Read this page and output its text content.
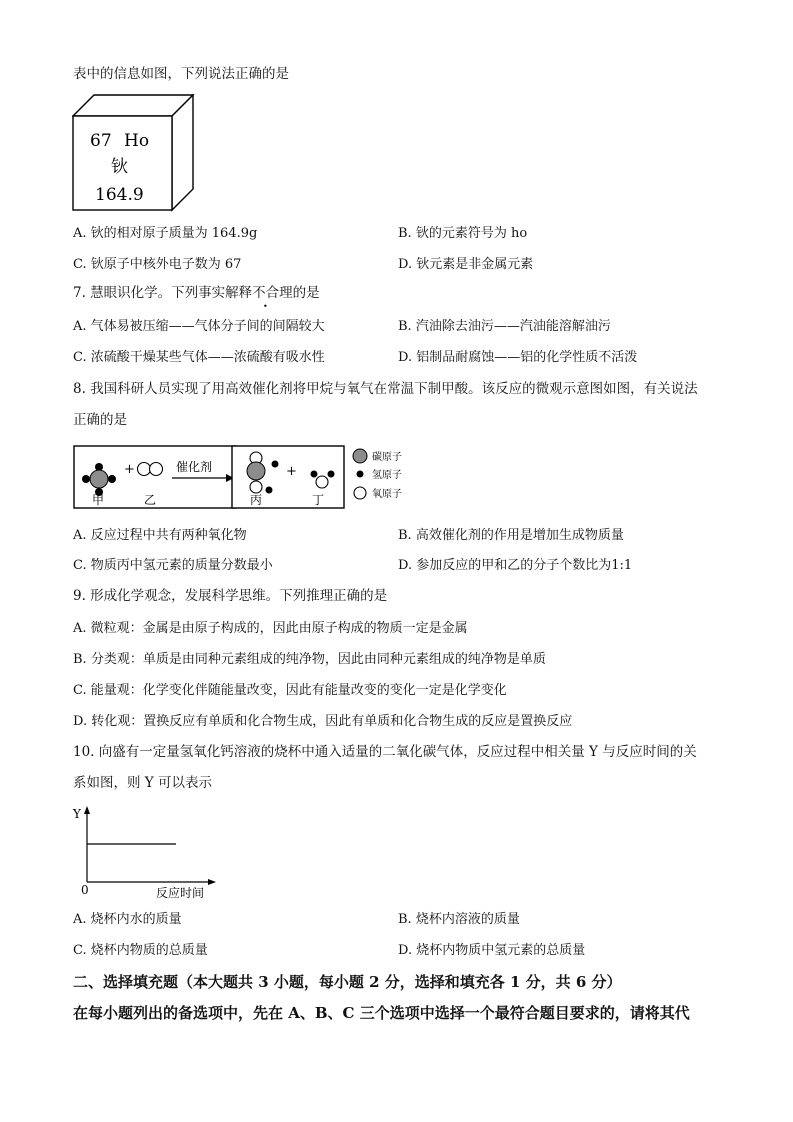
表中的信息如图，下列说法正确的是
67 Ho
钬
164.9
A. 钬的相对原子质量为 164.9g	B. 钬的元素符号为 ho
C. 钬原子中核外电子数为 67	D. 钬元素是非金属元素
7. 慧眼识化学。下列事实解释不合理的是
•
A. 气体易被压缩——气体分子间的间隔较大	B. 汽油除去油污——汽油能溶解油污
C. 浓硫酸干燥某些气体——浓硫酸有吸水性	D. 铝制品耐腐蚀——铝的化学性质不活泼
8. 我国科研人员实现了用高效催化剂将甲烷与氧气在常温下制甲酸。该反应的微观示意图如图，有关说法
正确的是
+
甲	乙
催化剂	+
丙	丁
碳原子
氢原子
氧原子
A. 反应过程中共有两种氧化物	B. 高效催化剂的作用是增加生成物质量
C. 物质丙中氢元素的质量分数最小	D. 参加反应的甲和乙的分子个数比为1:1
9. 形成化学观念，发展科学思维。下列推理正确的是
A. 微粒观：金属是由原子构成的，因此由原子构成的物质一定是金属
B. 分类观：单质是由同种元素组成的纯净物，因此由同种元素组成的纯净物是单质
C. 能量观：化学变化伴随能量改变，因此有能量改变的变化一定是化学变化
D. 转化观：置换反应有单质和化合物生成，因此有单质和化合物生成的反应是置换反应
10. 向盛有一定量氢氧化钙溶液的烧杯中通入适量的二氧化碳气体，反应过程中相关量 Y 与反应时间的关
系如图，则 Y 可以表示
Y
0	反应时间
A. 烧杯内水的质量	B. 烧杯内溶液的质量
C. 烧杯内物质的总质量	D. 烧杯内物质中氢元素的总质量
二、选择填充题（本大题共 3 小题，每小题 2 分，选择和填充各 1 分，共 6 分）
在每小题列出的备选项中，先在 A、B、C 三个选项中选择一个最符合题目要求的，请将其代
